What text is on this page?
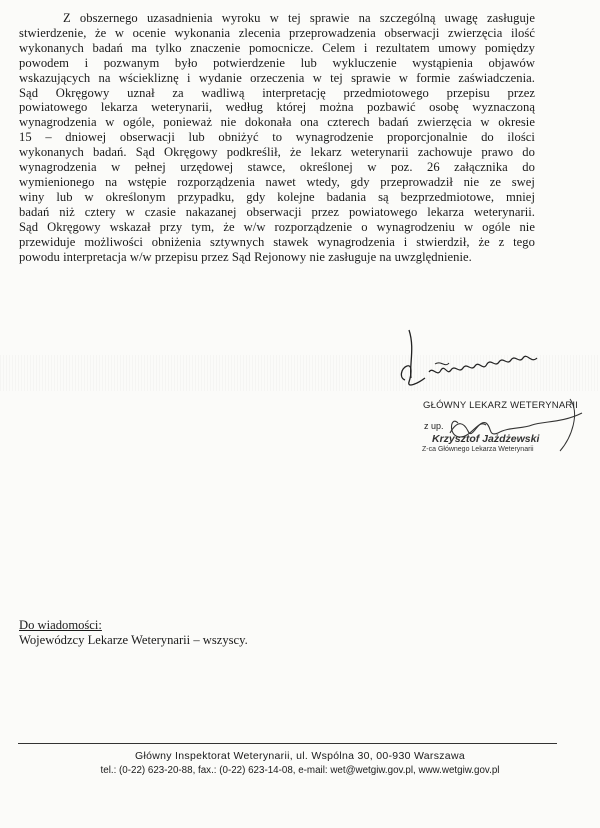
Z obszernego uzasadnienia wyroku w tej sprawie na szczególną uwagę zasługuje
stwierdzenie, że w ocenie wykonania zlecenia przeprowadzenia obserwacji zwierzęcia ilość
wykonanych badań ma tylko znaczenie pomocnicze. Celem i rezultatem umowy pomiędzy
powodem i pozwanym było potwierdzenie lub wykluczenie wystąpienia objawów
wskazujących na wściekliznę i wydanie orzeczenia w tej sprawie w formie zaświadczenia.
Sąd Okręgowy uznał za wadliwą interpretację przedmiotowego przepisu przez
powiatowego lekarza weterynarii, według której można pozbawić osobę wyznaczoną
wynagrodzenia w ogóle, ponieważ nie dokonała ona czterech badań zwierzęcia w okresie
15 – dniowej obserwacji lub obniżyć to wynagrodzenie proporcjonalnie do ilości
wykonanych badań. Sąd Okręgowy podkreślił, że lekarz weterynarii zachowuje prawo do
wynagrodzenia w pełnej urzędowej stawce, określonej w poz. 26 załącznika do
wymienionego na wstępie rozporządzenia nawet wtedy, gdy przeprowadził nie ze swej
winy lub w określonym przypadku, gdy kolejne badania są bezprzedmiotowe, mniej
badań niż cztery w czasie nakazanej obserwacji przez powiatowego lekarza weterynarii.
Sąd Okręgowy wskazał przy tym, że w/w rozporządzenie o wynagrodzeniu w ogóle nie
przewiduje możliwości obniżenia sztywnych stawek wynagrodzenia i stwierdził, że z tego
powodu interpretacja w/w przepisu przez Sąd Rejonowy nie zasługuje na uwzględnienie.
GŁÓWNY LEKARZ WETERYNARII
z up.
Krzysztof Jażdżewski
Z-ca Głównego Lekarza Weterynarii
Do wiadomości:
Wojewódzcy Lekarze Weterynarii – wszyscy.
Główny Inspektorat Weterynarii, ul. Wspólna 30, 00-930 Warszawa
tel.: (0-22) 623-20-88, fax.: (0-22) 623-14-08, e-mail: wet@wetgiw.gov.pl, www.wetgiw.gov.pl
